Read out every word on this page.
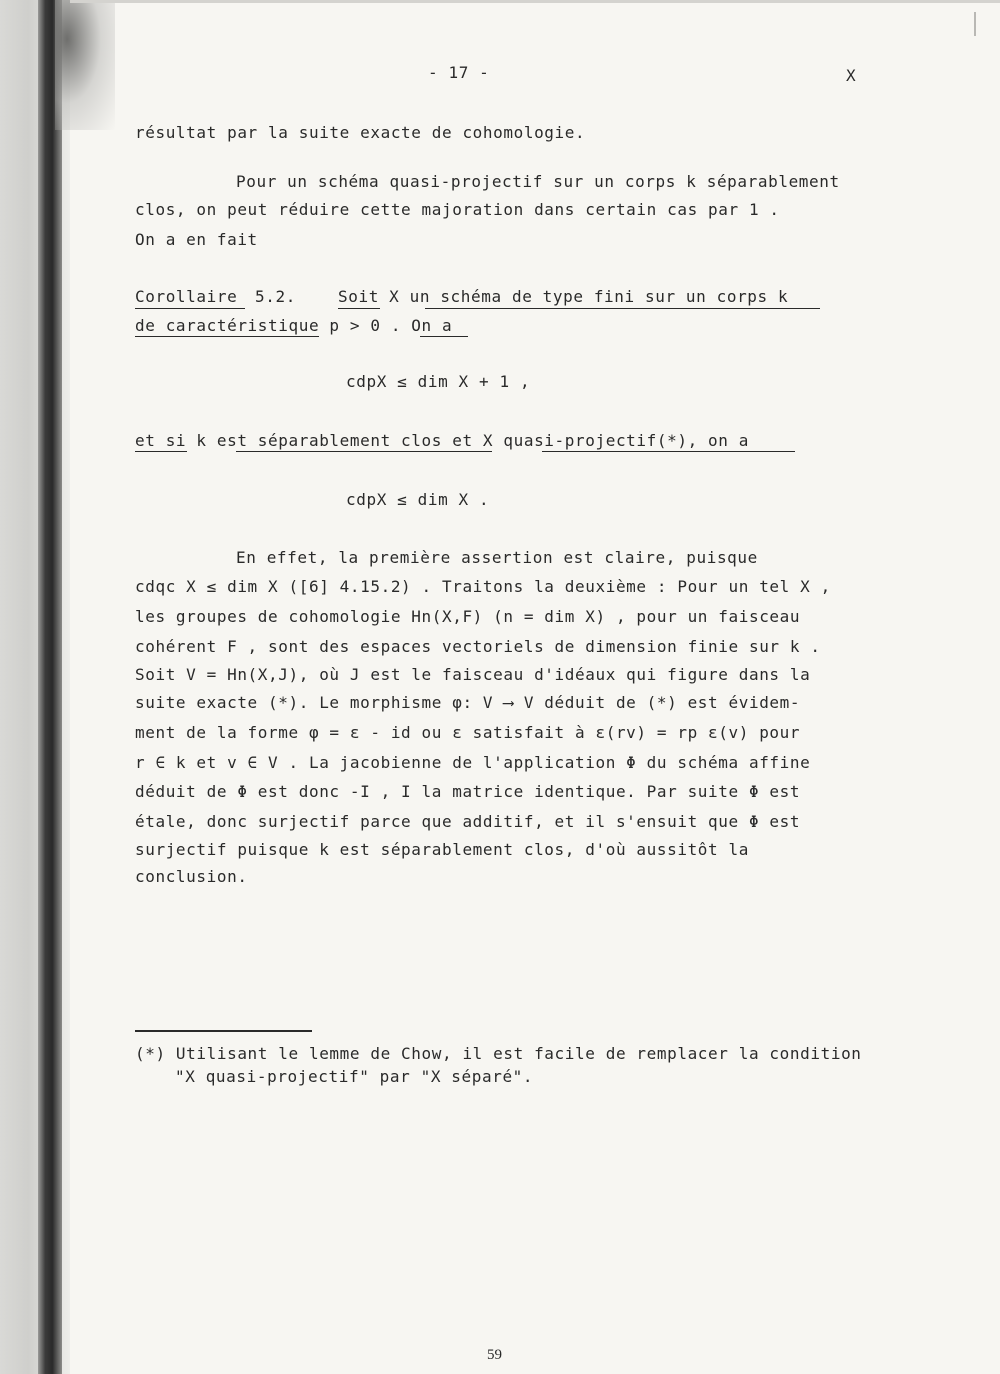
- 17 -	X
résultat par la suite exacte de cohomologie.
Pour un schéma quasi-projectif sur un corps k séparablement
clos, on peut réduire cette majoration dans certain cas par 1 .
On a en fait
Corollaire 5.2.	Soit X un schéma de type fini sur un corps k
de caractéristique p > 0 . On a
cdpX ≤ dim X + 1 ,
et si k est séparablement clos et X quasi-projectif(*), on a
cdpX ≤ dim X .
En effet, la première assertion est claire, puisque
cdqc X ≤ dim X ([6] 4.15.2) . Traitons la deuxième : Pour un tel X ,
les groupes de cohomologie Hn(X,F) (n = dim X) , pour un faisceau
cohérent F , sont des espaces vectoriels de dimension finie sur k .
Soit V = Hn(X,J), où J est le faisceau d'idéaux qui figure dans la
suite exacte (*). Le morphisme φ: V ⟶ V déduit de (*) est évidem-
ment de la forme φ = ε - id ou ε satisfait à ε(rv) = rp ε(v) pour
r ∈ k et v ∈ V . La jacobienne de l'application Φ du schéma affine
déduit de Φ est donc -I , I la matrice identique. Par suite Φ est
étale, donc surjectif parce que additif, et il s'ensuit que Φ est
surjectif puisque k est séparablement clos, d'où aussitôt la
conclusion.
(*) Utilisant le lemme de Chow, il est facile de remplacer la condition
"X quasi-projectif" par "X séparé".
59
